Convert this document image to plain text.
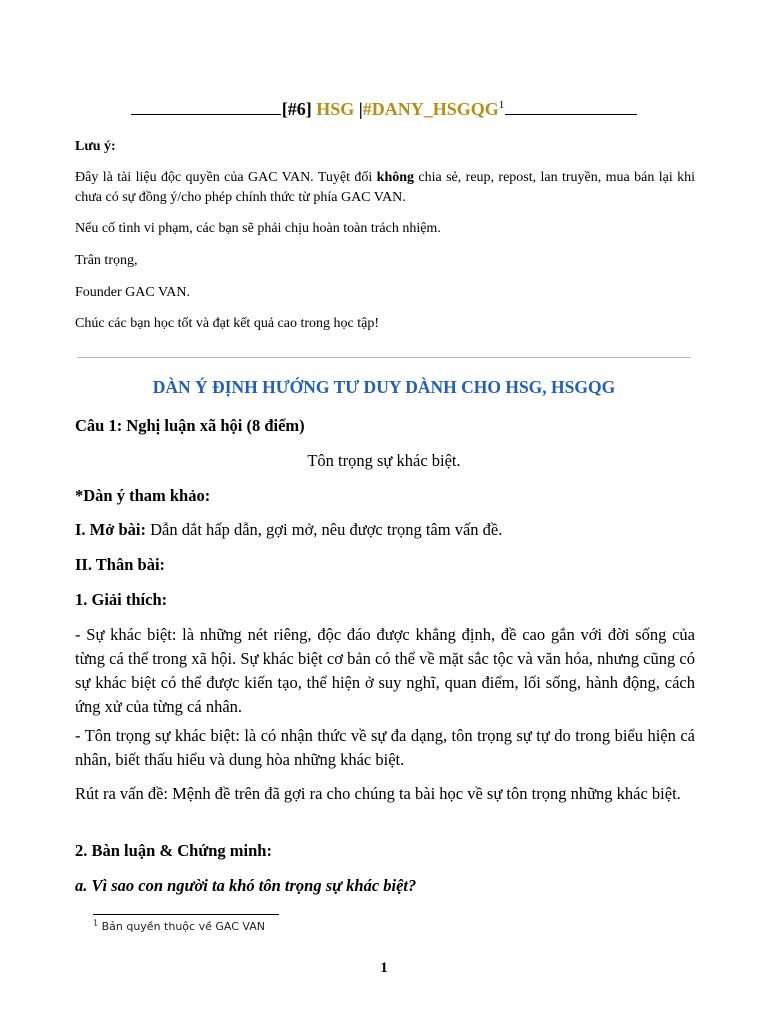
[#6] HSG |#DANY_HSGQG$^1$
Lưu ý:
Đây là tài liệu độc quyền của GAC VAN. Tuyệt đối không chia sẻ, reup, repost, lan truyền, mua bán lại khi chưa có sự đồng ý/cho phép chính thức từ phía GAC VAN.
Nếu cố tình vi phạm, các bạn sẽ phải chịu hoàn toàn trách nhiệm.
Trân trọng,
Founder GAC VAN.
Chúc các bạn học tốt và đạt kết quả cao trong học tập!
DÀN Ý ĐỊNH HƯỚNG TƯ DUY DÀNH CHO HSG, HSGQG
Câu 1: Nghị luận xã hội (8 điểm)
Tôn trọng sự khác biệt.
*Dàn ý tham khảo:
I. Mở bài: Dẫn dắt hấp dẫn, gợi mở, nêu được trọng tâm vấn đề.
II. Thân bài:
1. Giải thích:
- Sự khác biệt: là những nét riêng, độc đáo được khẳng định, đề cao gắn với đời sống của từng cá thể trong xã hội. Sự khác biệt cơ bản có thể về mặt sắc tộc và văn hóa, nhưng cũng có sự khác biệt có thể được kiến tạo, thể hiện ở suy nghĩ, quan điểm, lối sống, hành động, cách ứng xử của từng cá nhân.
- Tôn trọng sự khác biệt: là có nhận thức về sự đa dạng, tôn trọng sự tự do trong biểu hiện cá nhân, biết thấu hiểu và dung hòa những khác biệt.
Rút ra vấn đề: Mệnh đề trên đã gợi ra cho chúng ta bài học về sự tôn trọng những khác biệt.
2. Bàn luận & Chứng minh:
a. Vì sao con người ta khó tôn trọng sự khác biệt?
$^1$ Bản quyền thuộc về GAC VAN
1
